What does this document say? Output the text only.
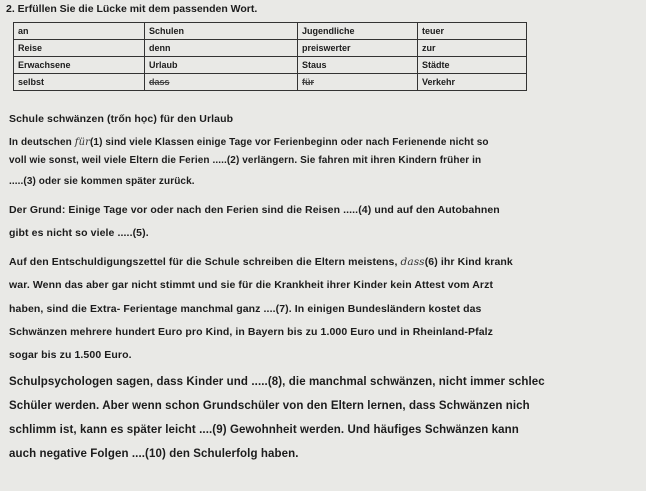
2. Erfüllen Sie die Lücke mit dem passenden Wort.
an	Schulen	Jugendliche	teuer
Reise	denn	preiswerter	zur
Erwachsene	Urlaub	Staus	Städte
selbst	dass	für	Verkehr
Schule schwänzen (trốn học) für den Urlaub
In deutschen für(1) sind viele Klassen einige Tage vor Ferienbeginn oder nach Ferienende nicht so
voll wie sonst, weil viele Eltern die Ferien .....(2) verlängern. Sie fahren mit ihren Kindern früher in
.....(3) oder sie kommen später zurück.
Der Grund: Einige Tage vor oder nach den Ferien sind die Reisen .....(4) und auf den Autobahnen
gibt es nicht so viele .....(5).
Auf den Entschuldigungszettel für die Schule schreiben die Eltern meistens, dass(6) ihr Kind krank
war. Wenn das aber gar nicht stimmt und sie für die Krankheit ihrer Kinder kein Attest vom Arzt
haben, sind die Extra- Ferientage manchmal ganz ....(7). In einigen Bundesländern kostet das
Schwänzen mehrere hundert Euro pro Kind, in Bayern bis zu 1.000 Euro und in Rheinland-Pfalz
sogar bis zu 1.500 Euro.
Schulpsychologen sagen, dass Kinder und .....(8), die manchmal schwänzen, nicht immer schlec
Schüler werden. Aber wenn schon Grundschüler von den Eltern lernen, dass Schwänzen nich
schlimm ist, kann es später leicht ....(9) Gewohnheit werden. Und häufiges Schwänzen kann
auch negative Folgen ....(10) den Schulerfolg haben.
